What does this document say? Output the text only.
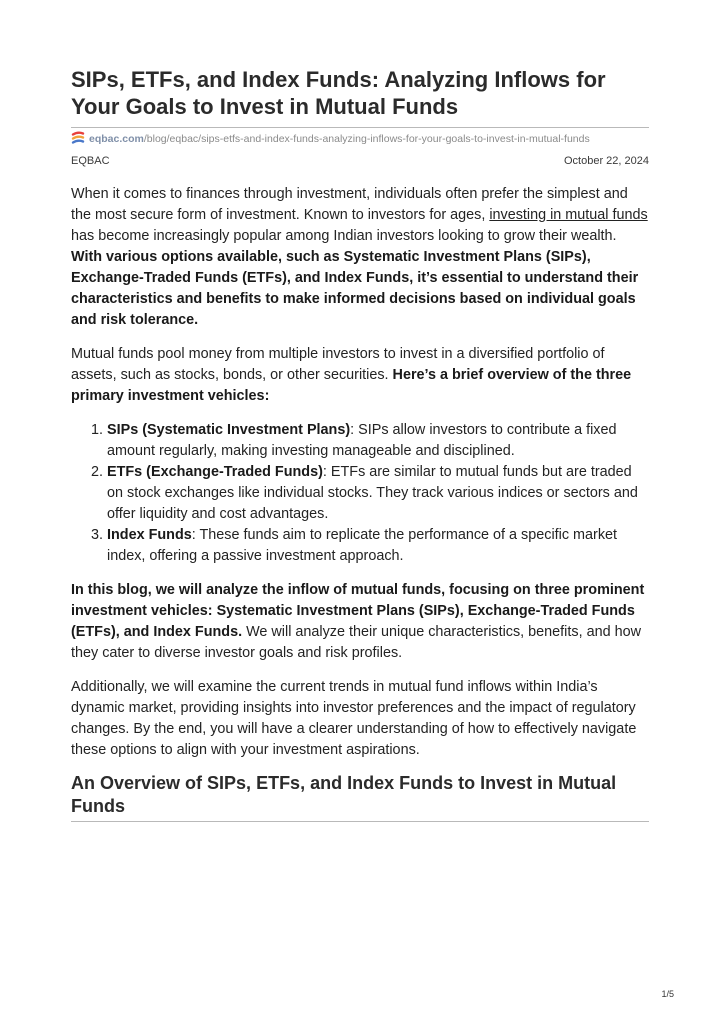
SIPs, ETFs, and Index Funds: Analyzing Inflows for Your Goals to Invest in Mutual Funds
eqbac.com/blog/eqbac/sips-etfs-and-index-funds-analyzing-inflows-for-your-goals-to-invest-in-mutual-funds
EQBAC	October 22, 2024

When it comes to finances through investment, individuals often prefer the simplest and the most secure form of investment. Known to investors for ages, investing in mutual funds has become increasingly popular among Indian investors looking to grow their wealth. With various options available, such as Systematic Investment Plans (SIPs), Exchange-Traded Funds (ETFs), and Index Funds, it’s essential to understand their characteristics and benefits to make informed decisions based on individual goals and risk tolerance.

Mutual funds pool money from multiple investors to invest in a diversified portfolio of assets, such as stocks, bonds, or other securities. Here’s a brief overview of the three primary investment vehicles:

1. SIPs (Systematic Investment Plans): SIPs allow investors to contribute a fixed amount regularly, making investing manageable and disciplined.
2. ETFs (Exchange-Traded Funds): ETFs are similar to mutual funds but are traded on stock exchanges like individual stocks. They track various indices or sectors and offer liquidity and cost advantages.
3. Index Funds: These funds aim to replicate the performance of a specific market index, offering a passive investment approach.

In this blog, we will analyze the inflow of mutual funds, focusing on three prominent investment vehicles: Systematic Investment Plans (SIPs), Exchange-Traded Funds (ETFs), and Index Funds. We will analyze their unique characteristics, benefits, and how they cater to diverse investor goals and risk profiles.

Additionally, we will examine the current trends in mutual fund inflows within India’s dynamic market, providing insights into investor preferences and the impact of regulatory changes. By the end, you will have a clearer understanding of how to effectively navigate these options to align with your investment aspirations.

An Overview of SIPs, ETFs, and Index Funds to Invest in Mutual Funds
1/5
